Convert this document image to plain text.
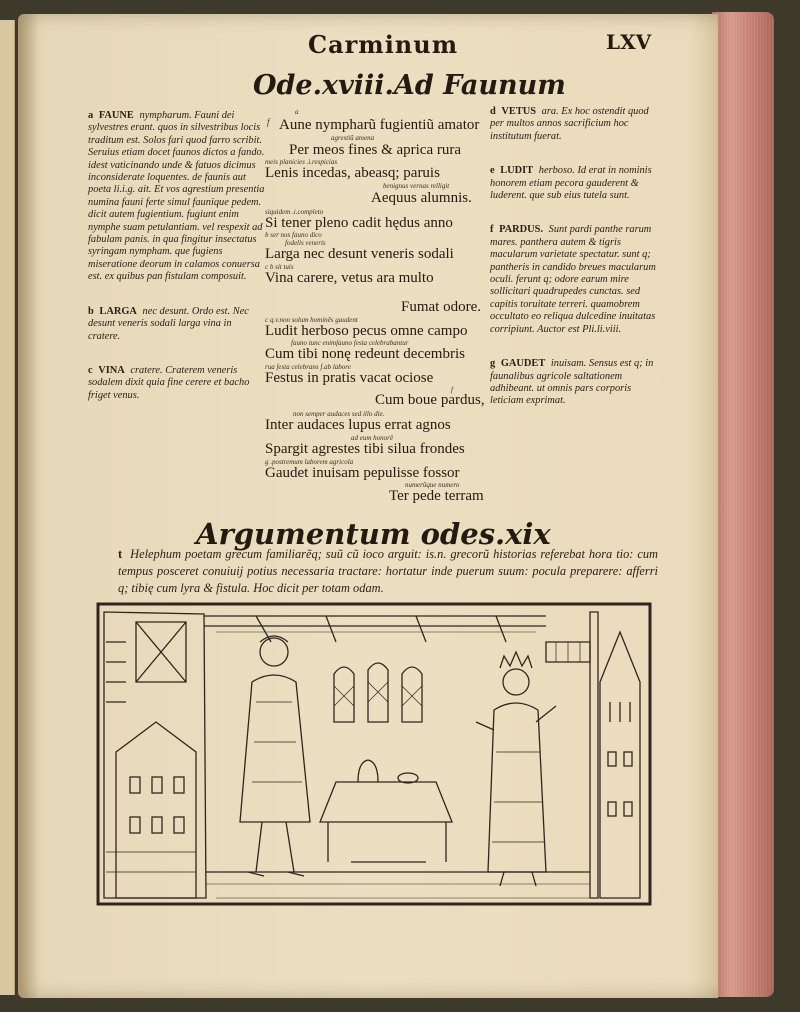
Carminum	LXV
Ode.xviii.Ad Faunum

a FAUNE nympharum. Fauni dei sylvestres erant. quos in silvestribus locis traditum est. Solos fari quod farro scribit. Seruius etiam docet faunos dictos a fando. idest vaticinando unde & fatuos dicimus inconsiderate loquentes. de faunis aut poeta li.i.g. ait. Et vos agrestium presentia numina fauni ferte simul faunique pedem. dicit autem fugientium. fugiunt enim nymphe suam petulantiam. vel respexit ad fabulam panis. in qua fingitur insectatus syringam nympham. que fugiens miseratione deorum in calamos conuersa est. ex quibus pan fistulam composuit.

b LARGA nec desunt. Ordo est. Nec desunt veneris sodali larga vina in cratere.

c VINA cratere. Craterem veneris sodalem dixit quia fine cerere et bacho friget venus.

a
f Aune nympharũ fugientiũ amator
agrestiũ amena
Per meos fines & aprica rura
meis planicies .i.respicias
Lenis incedas, abeasq; paruis
benignus vernas relligit
Aequus alumnis.
siquidem .i.completo
Si tener pleno cadit hędus anno
b ser nos fauno dico
fodelis veneris
Larga nec desunt veneris sodali
c b sit tuis
Vina carere, vetus ara multo
Fumat odore.
c q.v.non solum hominẽs gaudent
Ludit herboso pecus omne campo
fauno tunc enimfauno festa celebrabantur
Cum tibi nonę redeunt decembris
rua festa celebrans f.ab labore
Festus in pratis vacat ociose
f
Cum boue pardus,
non semper audaces sed illo die.
Inter audaces lupus errat agnos
ad eum honorẽ
Spargit agrestes tibi silua frondes
g .postremum laborem agricola
Gaudet inuisam pepulisse fossor
numerũque numero
Ter pede terram

d VETUS ara. Ex hoc ostendit quod per multos annos sacrificium hoc institutum fuerat.

e LUDIT herboso. Id erat in nominis honorem etiam pecora gauderent & luderent. que sub eius tutela sunt.

f PARDUS. Sunt pardi panthe rarum mares. panthera autem & tigris macularum varietate spectatur. sunt q; pantheris in candido breues macularum oculi. ferunt q; odore earum mire sollicitari quadrupedes cunctas. sed capitis toruitate terreri. quamobrem occultato eo reliqua dulcedine inuitatas corripiunt. Auctor est Pli.li.viii.

g GAUDET inuisam. Sensus est q; in faunalibus agricole saltationem adhibeant. ut omnis pars corporis leticiam exprimat.

Argumentum odes.xix
t Helephum poetam grecum familiarẽq; suũ cũ ioco arguit: is.n. grecorũ historias referebat hora tio: cum tempus posceret conuiuij potius necessaria tractare: hortatur inde puerum suum: pocula preparere: afferri q; tibię cum lyra & fistula. Hoc dicit per totam odam.
